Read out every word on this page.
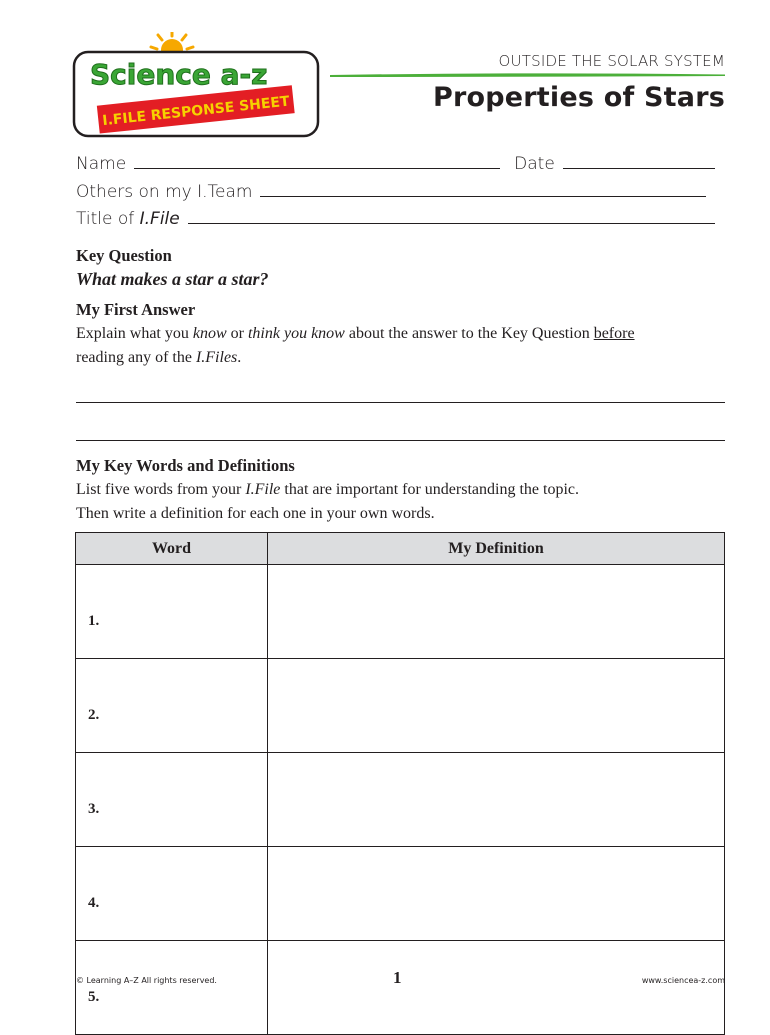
Science a-z
I.FILE RESPONSE SHEET
OUTSIDE THE SOLAR SYSTEM
Properties of Stars
Name	Date
Others on my I.Team
Title of I.File
Key Question
What makes a star a star?
My First Answer
Explain what you know or think you know about the answer to the Key Question before
reading any of the I.Files.
My Key Words and Definitions
List five words from your I.File that are important for understanding the topic.
Then write a definition for each one in your own words.
Word	My Definition
1.	
2.	
3.	
4.	
5.	
© Learning A–Z All rights reserved.	1	www.sciencea-z.com
